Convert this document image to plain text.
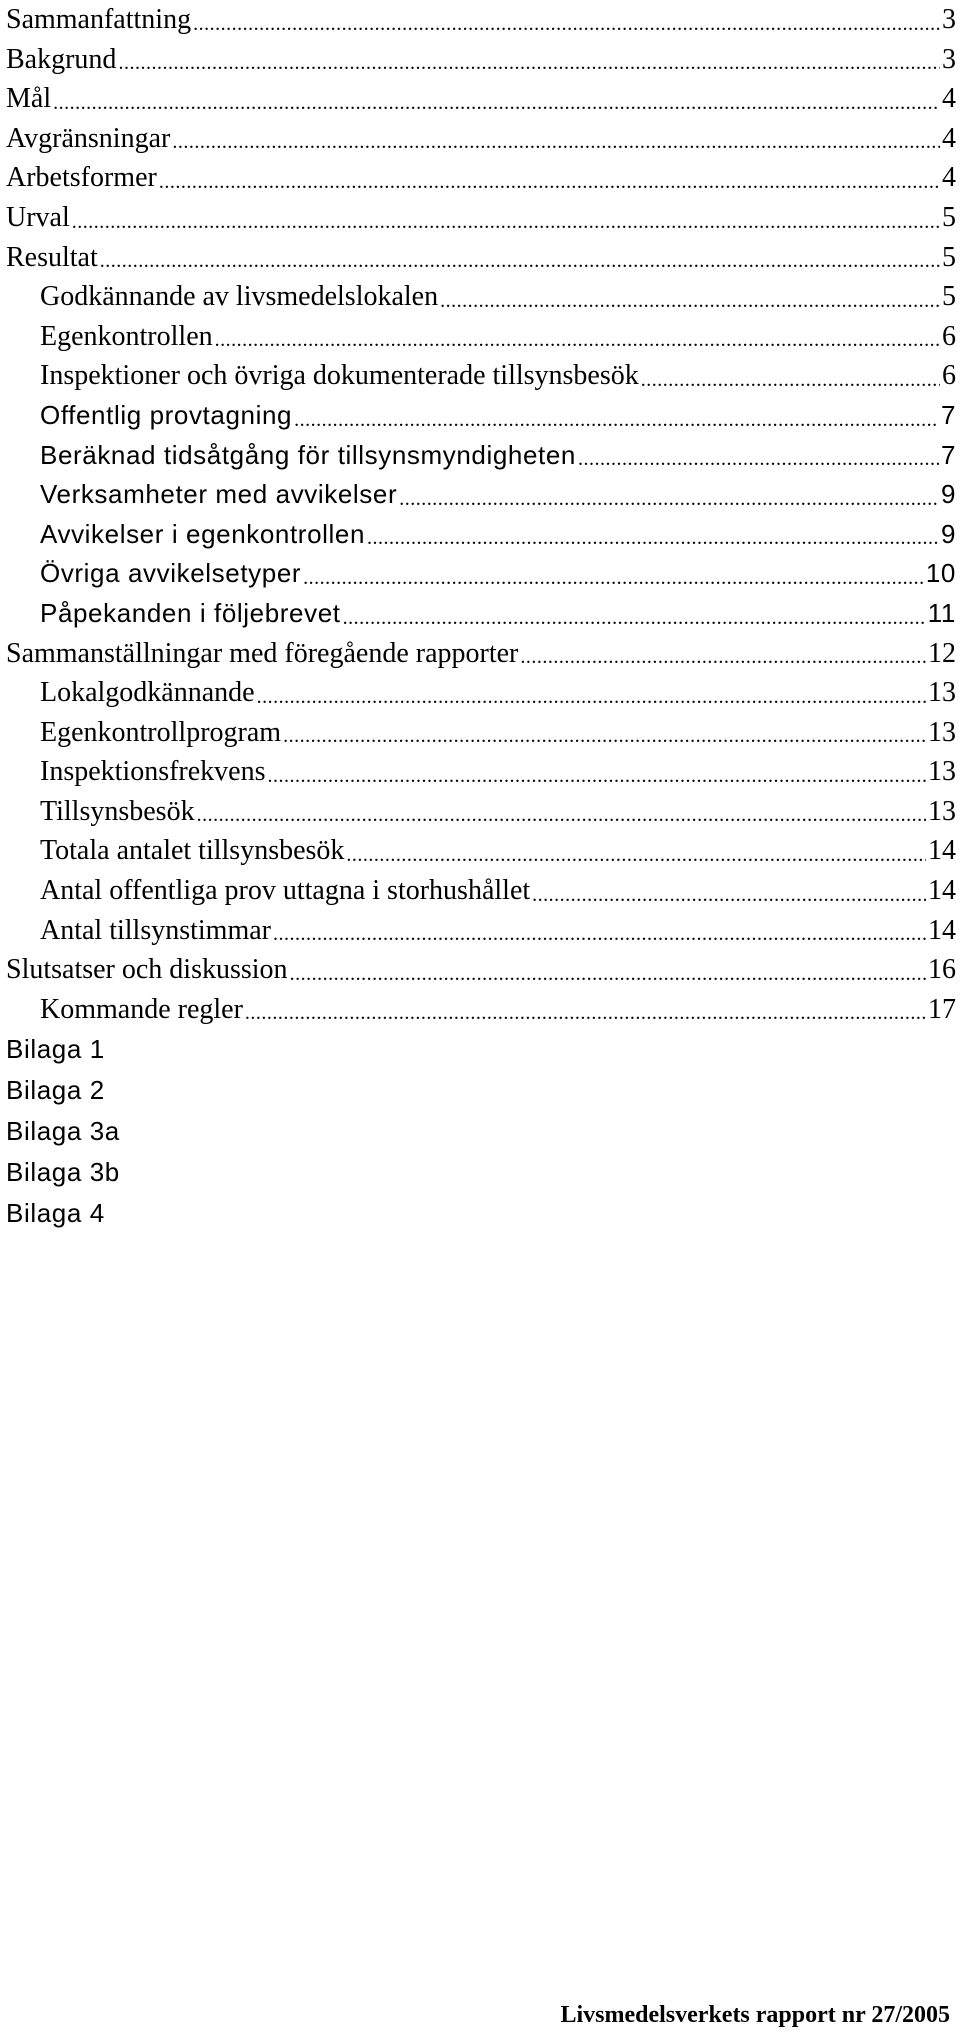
Sammanfattning .....	3
Bakgrund .....	3
Mål .....	4
Avgränsningar .....	4
Arbetsformer .....	4
Urval .....	5
Resultat .....	5
Godkännande av livsmedelslokalen .....	5
Egenkontrollen .....	6
Inspektioner och övriga dokumenterade tillsynsbesök .....	6
Offentlig provtagning .....	7
Beräknad tidsåtgång för tillsynsmyndigheten .....	7
Verksamheter med avvikelser .....	9
Avvikelser i egenkontrollen .....	9
Övriga avvikelsetyper .....	10
Påpekanden i följebrevet .....	11
Sammanställningar med föregående rapporter .....	12
Lokalgodkännande .....	13
Egenkontrollprogram .....	13
Inspektionsfrekvens .....	13
Tillsynsbesök .....	13
Totala antalet tillsynsbesök .....	14
Antal offentliga prov uttagna i storhushållet .....	14
Antal tillsynstimmar .....	14
Slutsatser och diskussion .....	16
Kommande regler .....	17
Bilaga 1
Bilaga 2
Bilaga 3a
Bilaga 3b
Bilaga 4
Livsmedelsverkets rapport nr 27/2005
